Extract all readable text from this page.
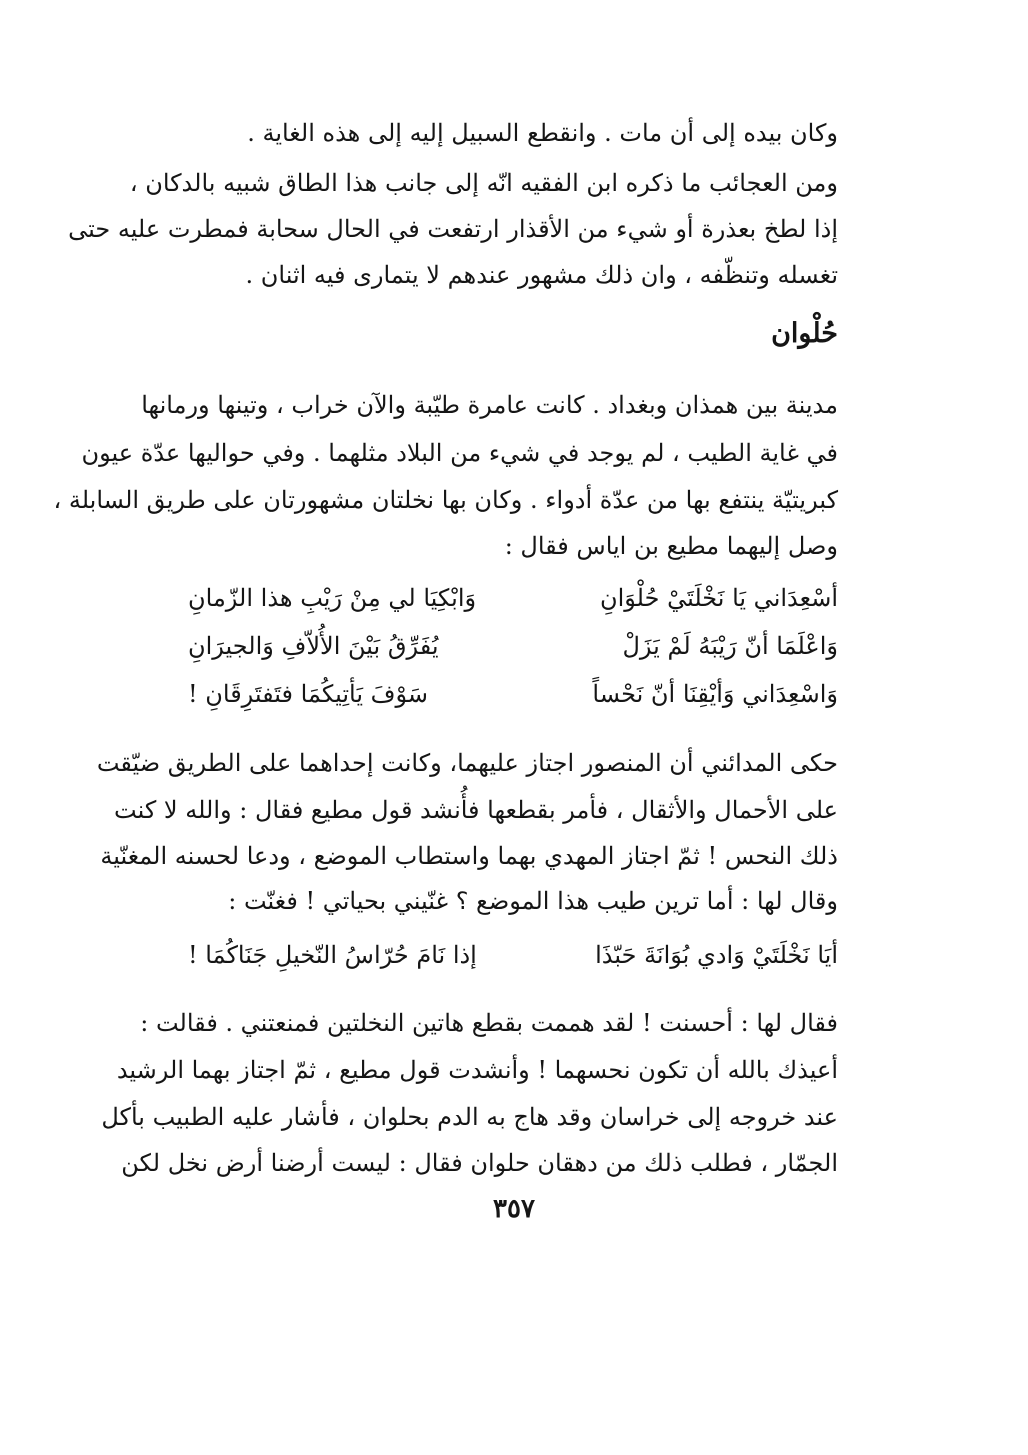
وكان بيده إلى أن مات . وانقطع السبيل إليه إلى هذه الغاية .
ومن العجائب ما ذكره ابن الفقيه انّه إلى جانب هذا الطاق شبيه بالدكان ،
إذا لطخ بعذرة أو شيء من الأقذار ارتفعت في الحال سحابة فمطرت عليه حتى
تغسله وتنظّفه ، وان ذلك مشهور عندهم لا يتمارى فيه اثنان .
حُلْوان
مدينة بين همذان وبغداد . كانت عامرة طيّبة والآن خراب ، وتينها ورمانها
في غاية الطيب ، لم يوجد في شيء من البلاد مثلهما . وفي حواليها عدّة عيون
كبريتيّة ينتفع بها من عدّة أدواء . وكان بها نخلتان مشهورتان على طريق السابلة ،
وصل إليهما مطيع بن اياس فقال :
أسْعِدَاني يَا نَخْلَتَيْ حُلْوَانِ
وَابْكِيَا لي مِنْ رَيْبِ هذا الزّمانِ
وَاعْلَمَا أنّ رَيْبَهُ لَمْ يَزَلْ
يُفَرِّقُ بَيْنَ الأُلاّفِ وَالجيرَانِ
وَاسْعِدَاني وَأيْقِنَا أنّ نَحْساً
سَوْفَ يَأتِيكُمَا فتَفتَرِقَانِ !
حكى المدائني أن المنصور اجتاز عليهما، وكانت إحداهما على الطريق ضيّقت
على الأحمال والأثقال ، فأمر بقطعها فأُنشد قول مطيع فقال : والله لا كنت
ذلك النحس ! ثمّ اجتاز المهدي بهما واستطاب الموضع ، ودعا لحسنه المغنّية
وقال لها : أما ترين طيب هذا الموضع ؟ غنّيني بحياتي ! فغنّت :
أيَا نَخْلَتَيْ وَادي بُوَانَةَ حَبّذَا
إذا نَامَ حُرّاسُ النّخيلِ جَنَاكُمَا !
فقال لها : أحسنت ! لقد هممت بقطع هاتين النخلتين فمنعتني . فقالت :
أعيذك بالله أن تكون نحسهما ! وأنشدت قول مطيع ، ثمّ اجتاز بهما الرشيد
عند خروجه إلى خراسان وقد هاج به الدم بحلوان ، فأشار عليه الطبيب بأكل
الجمّار ، فطلب ذلك من دهقان حلوان فقال : ليست أرضنا أرض نخل لكن
٣٥٧
